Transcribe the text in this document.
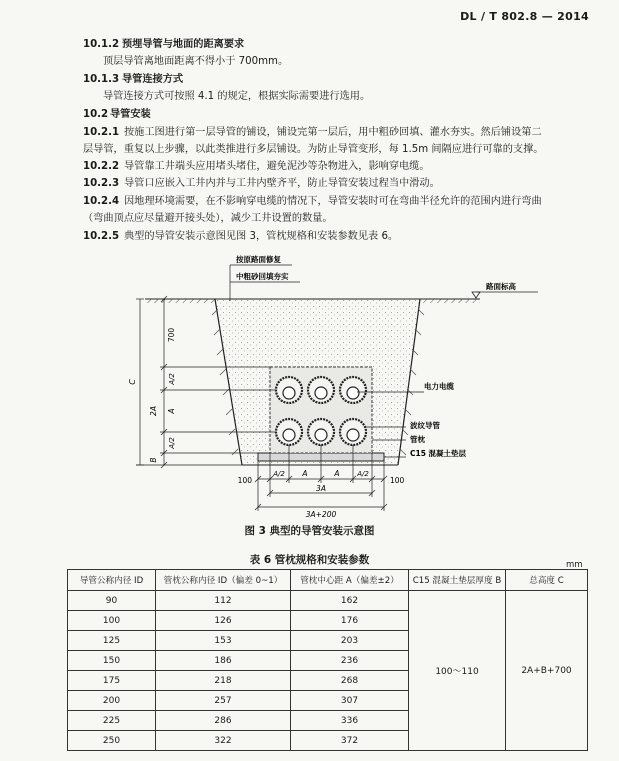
DL / T 802.8 — 2014
10.1.2 预埋导管与地面的距离要求
顶层导管离地面距离不得小于 700mm。
10.1.3 导管连接方式
导管连接方式可按照 4.1 的规定，根据实际需要进行选用。
10.2 导管安装
10.2.1 按施工图进行第一层导管的铺设，铺设完第一层后，用中粗砂回填、灌水夯实。然后铺设第二
层导管，重复以上步骤，以此类推进行多层铺设。为防止导管变形，每 1.5m 间隔应进行可靠的支撑。
10.2.2 导管靠工井端头应用堵头堵住，避免泥沙等杂物进入，影响穿电缆。
10.2.3 导管口应嵌入工井内并与工井内壁齐平，防止导管安装过程当中滑动。
10.2.4 因地理环境需要，在不影响穿电缆的情况下，导管安装时可在弯曲半径允许的范围内进行弯曲
（弯曲顶点应尽量避开接头处），减少工井设置的数量。
10.2.5 典型的导管安装示意图见图 3，管枕规格和安装参数见表 6。
按原路面修复
中粗砂回填夯实
路面标高
电力电缆
波纹导管
管枕
C15 混凝土垫层
700
C
2A
A/2
A
A/2
B
100
A/2 A	A	A/2
100
3A
3A+200
图 3 典型的导管安装示意图
表 6 管枕规格和安装参数	mm
导管公称内径 ID	管枕公称内径 ID（偏差 0~1）	管枕中心距 A（偏差±2）	C15 混凝土垫层厚度 B	总高度 C
90	112	162	100～110	2A+B+700
100	126	176		
125	153	203		
150	186	236		
175	218	268		
200	257	307		
225	286	336		
250	322	372		
